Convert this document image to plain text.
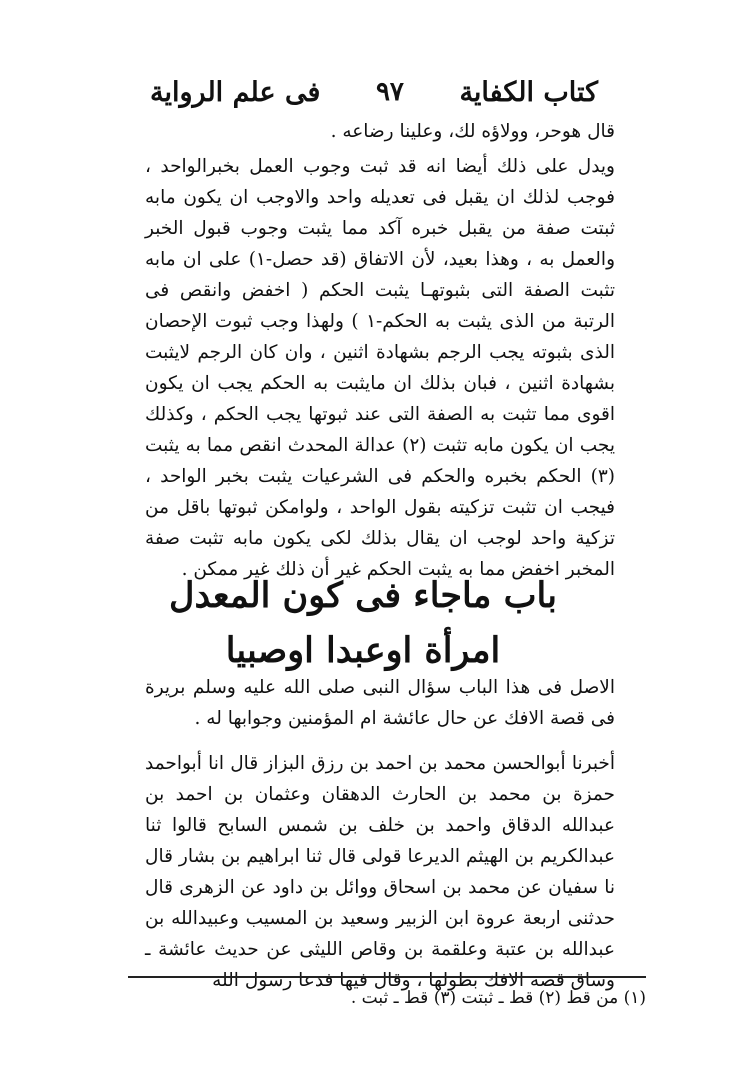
كتاب الكفاية
٩٧
فى علم الرواية

قال هوحر، وولاؤه لك، وعلينا رضاعه .

ويدل على ذلك أيضا انه قد ثبت وجوب العمل بخبرالواحد ، فوجب لذلك ان يقبل فى تعديله واحد والاوجب ان يكون مابه ثبتت صفة من يقبل خبره آكد مما يثبت وجوب قبول الخبر والعمل به ، وهذا بعيد، لأن الاتفاق (قد حصل-١) على ان مابه تثبت الصفة التى بثبوتهـا يثبت الحكم ( اخفض وانقص فى الرتبة من الذى يثبت به الحكم-١ ) ولهذا وجب ثبوت الإحصان الذى بثبوته يجب الرجم بشهادة اثنين ، وان كان الرجم لايثبت بشهادة اثنين ، فبان بذلك ان مايثبت به الحكم يجب ان يكون اقوى مما تثبت به الصفة التى عند ثبوتها يجب الحكم ، وكذلك يجب ان يكون مابه تثبت (٢) عدالة المحدث انقص مما به يثبت (٣) الحكم بخبره والحكم فى الشرعيات يثبت بخبر الواحد ، فيجب ان تثبت تزكيته بقول الواحد ، ولوامكن ثبوتها باقل من تزكية واحد لوجب ان يقال بذلك لكى يكون مابه تثبت صفة المخبر اخفض مما به يثبت الحكم غير أن ذلك غير ممكن .

باب ماجاء فى كون المعدل
امرأة اوعبدا اوصبيا

الاصل فى هذا الباب سؤال النبى صلى الله عليه وسلم بريرة فى قصة الافك عن حال عائشة ام المؤمنين وجوابها له .

أخبرنا أبوالحسن محمد بن احمد بن رزق البزاز قال انا أبواحمد حمزة بن محمد بن الحارث الدهقان وعثمان بن احمد بن عبدالله الدقاق واحمد بن خلف بن شمس السابح قالوا ثنا عبدالكريم بن الهيثم الديرعا قولى قال ثنا ابراهيم بن بشار قال نا سفيان عن محمد بن اسحاق ووائل بن داود عن الزهرى قال حدثنى اربعة عروة ابن الزبير وسعيد بن المسيب وعبيدالله بن عبدالله بن عتبة وعلقمة بن وقاص الليثى عن حديث عائشة ـ وساق قصة الافك بطولها ، وقال فيها فدعا رسول الله

(١) من قط (٢) قط ـ ثبتت (٣) قط ـ ثبت .
